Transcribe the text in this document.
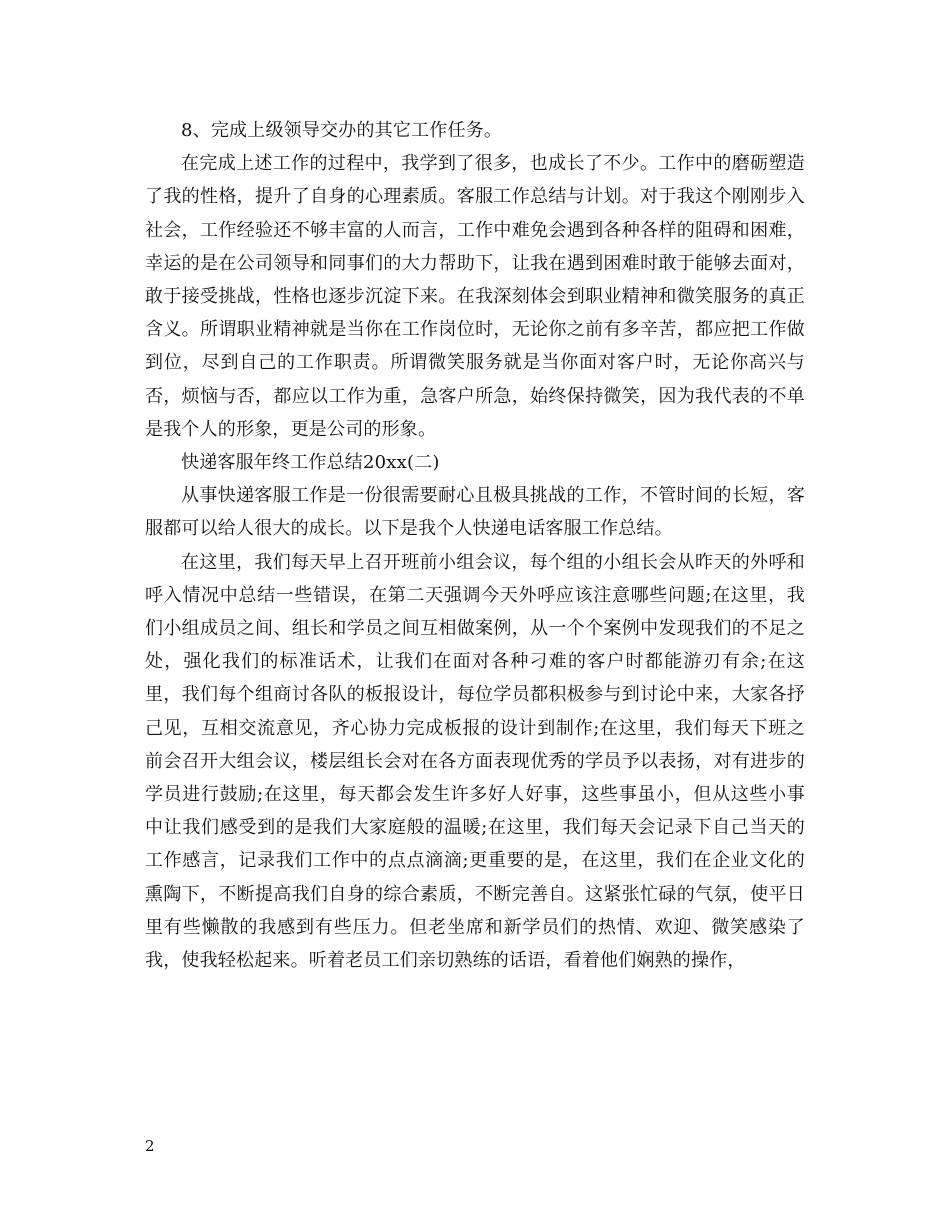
8、完成上级领导交办的其它工作任务。

在完成上述工作的过程中，我学到了很多，也成长了不少。工作中的磨砺塑造了我的性格，提升了自身的心理素质。客服工作总结与计划。对于我这个刚刚步入社会，工作经验还不够丰富的人而言，工作中难免会遇到各种各样的阻碍和困难，幸运的是在公司领导和同事们的大力帮助下，让我在遇到困难时敢于能够去面对，敢于接受挑战，性格也逐步沉淀下来。在我深刻体会到职业精神和微笑服务的真正含义。所谓职业精神就是当你在工作岗位时，无论你之前有多辛苦，都应把工作做到位，尽到自己的工作职责。所谓微笑服务就是当你面对客户时，无论你高兴与否，烦恼与否，都应以工作为重，急客户所急，始终保持微笑，因为我代表的不单是我个人的形象，更是公司的形象。

快递客服年终工作总结20xx(二)

从事快递客服工作是一份很需要耐心且极具挑战的工作，不管时间的长短，客服都可以给人很大的成长。以下是我个人快递电话客服工作总结。

在这里，我们每天早上召开班前小组会议，每个组的小组长会从昨天的外呼和呼入情况中总结一些错误，在第二天强调今天外呼应该注意哪些问题;在这里，我们小组成员之间、组长和学员之间互相做案例，从一个个案例中发现我们的不足之处，强化我们的标准话术，让我们在面对各种刁难的客户时都能游刃有余;在这里，我们每个组商讨各队的板报设计，每位学员都积极参与到讨论中来，大家各抒己见，互相交流意见，齐心协力完成板报的设计到制作;在这里，我们每天下班之前会召开大组会议，楼层组长会对在各方面表现优秀的学员予以表扬，对有进步的学员进行鼓励;在这里，每天都会发生许多好人好事，这些事虽小，但从这些小事中让我们感受到的是我们大家庭般的温暖;在这里，我们每天会记录下自己当天的工作感言，记录我们工作中的点点滴滴;更重要的是，在这里，我们在企业文化的熏陶下，不断提高我们自身的综合素质，不断完善自。这紧张忙碌的气氛，使平日里有些懒散的我感到有些压力。但老坐席和新学员们的热情、欢迎、微笑感染了我，使我轻松起来。听着老员工们亲切熟练的话语，看着他们娴熟的操作，

2
